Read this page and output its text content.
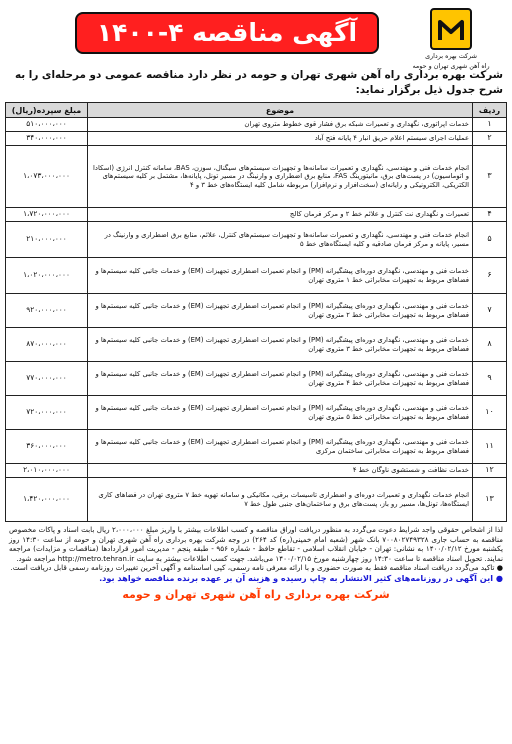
شرکت بهره برداری
راه آهن شهری تهران و حومه
آگهی مناقصه ۴-۱۴۰۰
شرکت بهره برداری راه آهن شهری تهران و حومه در نظر دارد مناقصه عمومی دو مرحله‌ای را به شرح جدول ذیل برگزار نماید:
ردیف	موضوع	مبلغ سپرده(ریال)
۱	خدمات اپراتوری، نگهداری و تعمیرات شبکه برق فشار قوی خطوط متروی تهران	۵۱۰،۰۰۰،۰۰۰
۲	عملیات اجرای سیستم اعلام حریق انبار ۴ پایانه فتح آباد	۳۴۰،۰۰۰،۰۰۰
۳	انجام خدمات فنی و مهندسی، نگهداری و تعمیرات سامانه‌ها و تجهیزات سیستم‌های سیگنال، سوزن، BAS، سامانه کنترل انرژی (اسکادا و اتوماسیون) در پست‌های برق، مانیتورینگ FAS، منابع برق اضطراری و وارنینگ در مسیر تونل، پایانه‌ها، مشتمل بر کلیه سیستم‌های الکتریکی، الکترونیکی و رایانه‌ای (سخت‌افزار و نرم‌افزار) مربوطه شامل کلیه ایستگاه‌های خط ۳ و ۴	۱،۰۷۳،۰۰۰،۰۰۰
۴	تعمیرات و نگهداری نت کنترل و علائم خط ۲ و مرکز فرمان کالج	۱،۷۲۰،۰۰۰،۰۰۰
۵	انجام خدمات فنی و مهندسی، نگهداری و تعمیرات سامانه‌ها و تجهیزات سیستم‌های کنترل، علائم، منابع برق اضطراری و وارنینگ در مسیر، پایانه و مرکز فرمان صادقیه و کلیه ایستگاه‌های خط ۵	۲۱۰،۰۰۰،۰۰۰
۶	خدمات فنی و مهندسی، نگهداری دوره‌ای پیشگیرانه (PM) و انجام تعمیرات اضطراری تجهیزات (EM) و خدمات جانبی کلیه سیستم‌ها و فضاهای مربوط به تجهیزات مخابراتی خط ۱ متروی تهران	۱،۰۲۰،۰۰۰،۰۰۰
۷	خدمات فنی و مهندسی، نگهداری دوره‌ای پیشگیرانه (PM) و انجام تعمیرات اضطراری تجهیزات (EM) و خدمات جانبی کلیه سیستم‌ها و فضاهای مربوط به تجهیزات مخابراتی خط ۲ متروی تهران	۹۲۰،۰۰۰،۰۰۰
۸	خدمات فنی و مهندسی، نگهداری دوره‌ای پیشگیرانه (PM) و انجام تعمیرات اضطراری تجهیزات (EM) و خدمات جانبی کلیه سیستم‌ها و فضاهای مربوط به تجهیزات مخابراتی خط ۳ متروی تهران	۸۷۰،۰۰۰،۰۰۰
۹	خدمات فنی و مهندسی، نگهداری دوره‌ای پیشگیرانه (PM) و انجام تعمیرات اضطراری تجهیزات (EM) و خدمات جانبی کلیه سیستم‌ها و فضاهای مربوط به تجهیزات مخابراتی خط ۴ متروی تهران	۷۷۰،۰۰۰،۰۰۰
۱۰	خدمات فنی و مهندسی، نگهداری دوره‌ای پیشگیرانه (PM) و انجام تعمیرات اضطراری تجهیزات (EM) و خدمات جانبی کلیه سیستم‌ها و فضاهای مربوط به تجهیزات مخابراتی خط ۵ متروی تهران	۷۲۰،۰۰۰،۰۰۰
۱۱	خدمات فنی و مهندسی، نگهداری دوره‌ای پیشگیرانه (PM) و انجام تعمیرات اضطراری تجهیزات (EM) و خدمات جانبی کلیه سیستم‌ها و فضاهای مربوط به تجهیزات مخابراتی ساختمان مرکزی	۳۶۰،۰۰۰،۰۰۰
۱۲	خدمات نظافت و شستشوی ناوگان خط ۴	۲،۰۱۰،۰۰۰،۰۰۰
۱۳	انجام خدمات نگهداری و تعمیرات دوره‌ای و اضطراری تاسیسات برقی، مکانیکی و سامانه تهویه خط ۷ متروی تهران در فضاهای کاری ایستگاه‌ها، تونل‌ها، مسیر رو باز، پست‌های برق و ساختمان‌های جنبی طول خط ۷	۱،۴۲۰،۰۰۰،۰۰۰

لذا از اشخاص حقوقی واجد شرایط دعوت می‌گردد به منظور دریافت اوراق مناقصه و کسب اطلاعات بیشتر با واریز مبلغ ۲،۰۰۰،۰۰۰ ریال بابت اسناد و پاکات مخصوص مناقصه به حساب جاری ۷۰۰۸۰۲۷۴۹۳۲۸ بانک شهر (شعبه امام خمینی(ره) کد ۲۶۴) در وجه شرکت بهره برداری راه آهن شهری تهران و حومه از ساعت ۱۴:۳۰ روز یکشنبه مورخ ۱۴۰۰/۰۲/۱۲ به نشانی: تهران - خیابان انقلاب اسلامی - تقاطع حافظ - شماره ۹۵۶ - طبقه پنجم - مدیریت امور قراردادها (مناقصات و مزایدات) مراجعه نمایند. تحویل اسناد مناقصه تا ساعت ۱۴:۳۰ روز چهارشنبه مورخ ۱۴۰۰/۰۲/۱۵ می‌باشد. جهت کسب اطلاعات بیشتر به سایت http://metro.tehran.ir مراجعه شود.

● تاکید می‌گردد دریافت اسناد مناقصه فقط به صورت حضوری و با ارائه معرفی نامه رسمی، کپی اساسنامه و آگهی آخرین تغییرات روزنامه رسمی قابل دریافت است.

● این آگهی در روزنامه‌های کثیر الانتشار به چاپ رسیده و هزینه آن بر عهده برنده مناقصه خواهد بود.
شرکت بهره برداری راه آهن شهری تهران و حومه
